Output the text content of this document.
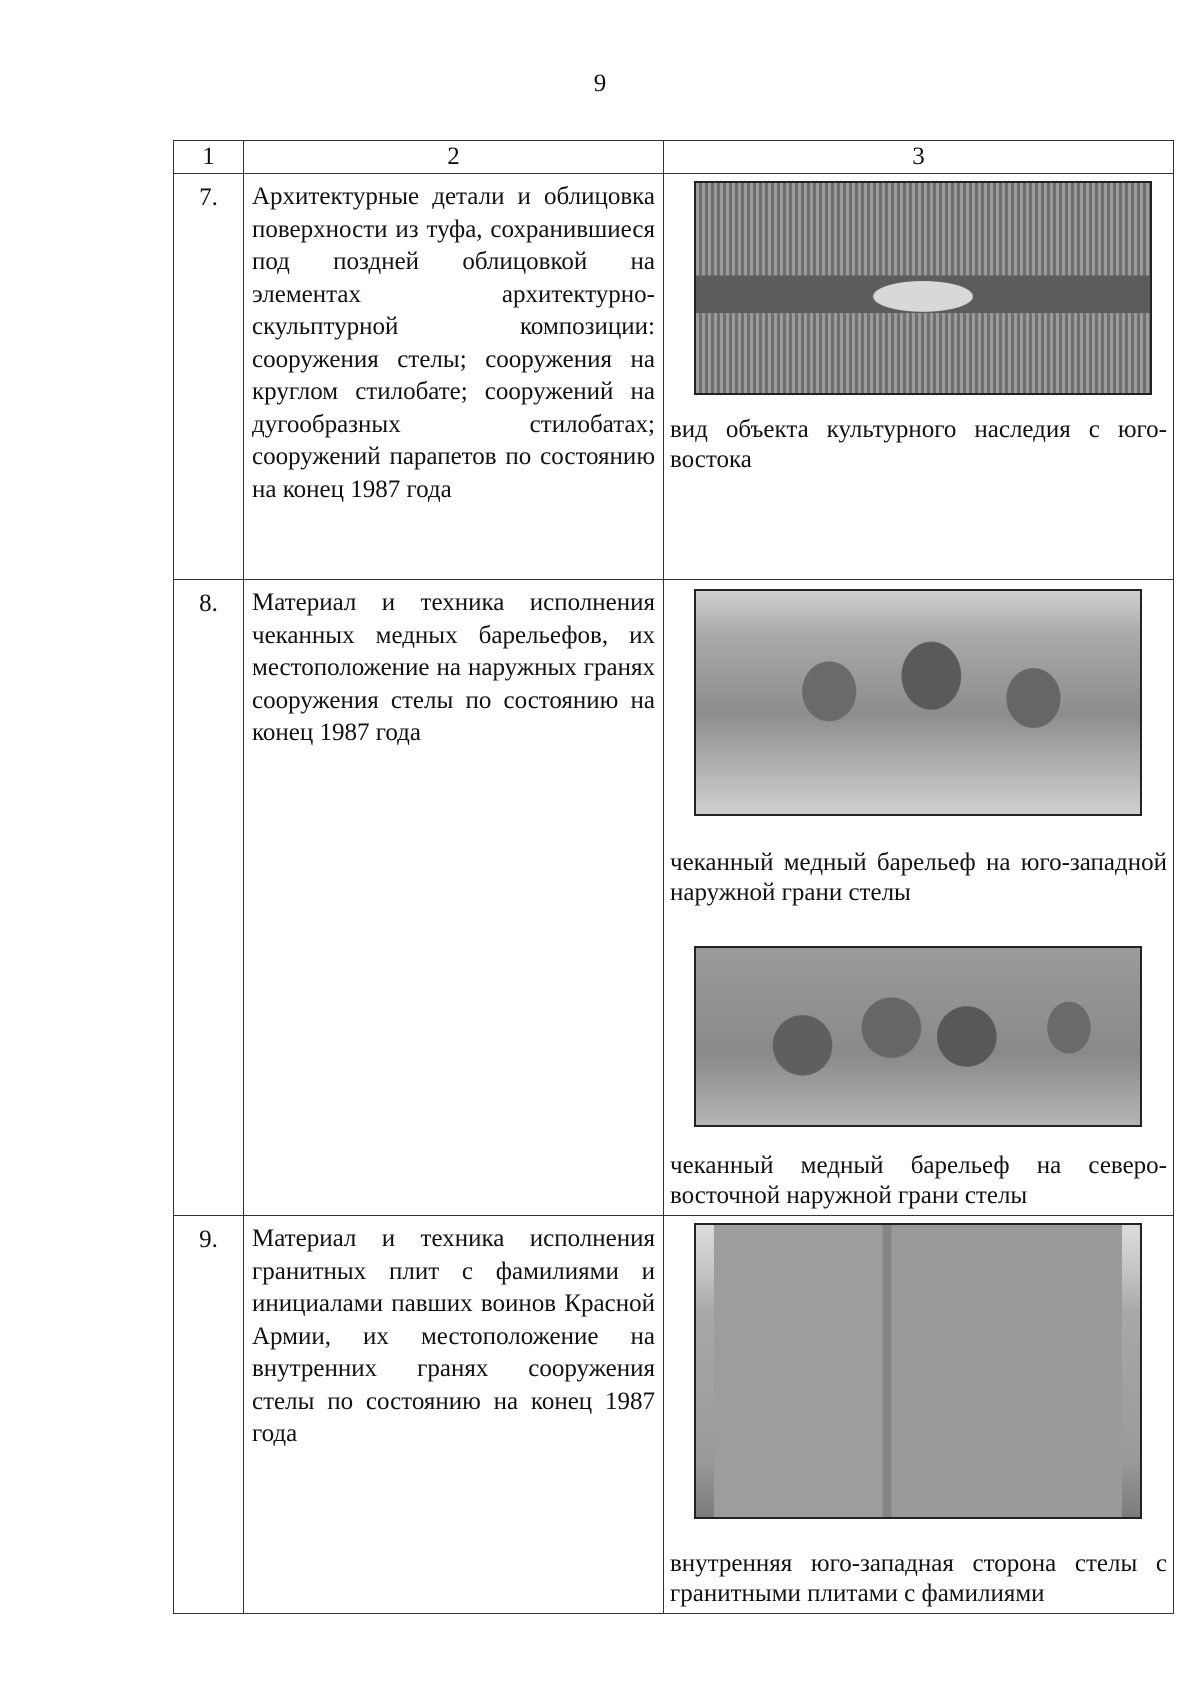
9
1	2	3
7.	Архитектурные детали и облицовка поверхности из туфа, сохранившиеся под поздней облицовкой на элементах архитектурно-скульптурной композиции: сооружения стелы; сооружения на круглом стилобате; сооружений на дугообразных стилобатах; сооружений парапетов по состоянию на конец 1987 года	вид объекта культурного наследия с юго-востока

8.	Материал и техника исполнения чеканных медных барельефов, их местоположение на наружных гранях сооружения стелы по состоянию на конец 1987 года	чеканный медный барельеф на юго-западной наружной грани стелы
чеканный медный барельеф на северо-восточной наружной грани стелы

9.	Материал и техника исполнения гранитных плит с фамилиями и инициалами павших воинов Красной Армии, их местоположение на внутренних гранях сооружения стелы по состоянию на конец 1987 года	внутренняя юго-западная сторона стелы с гранитными плитами с фамилиями
